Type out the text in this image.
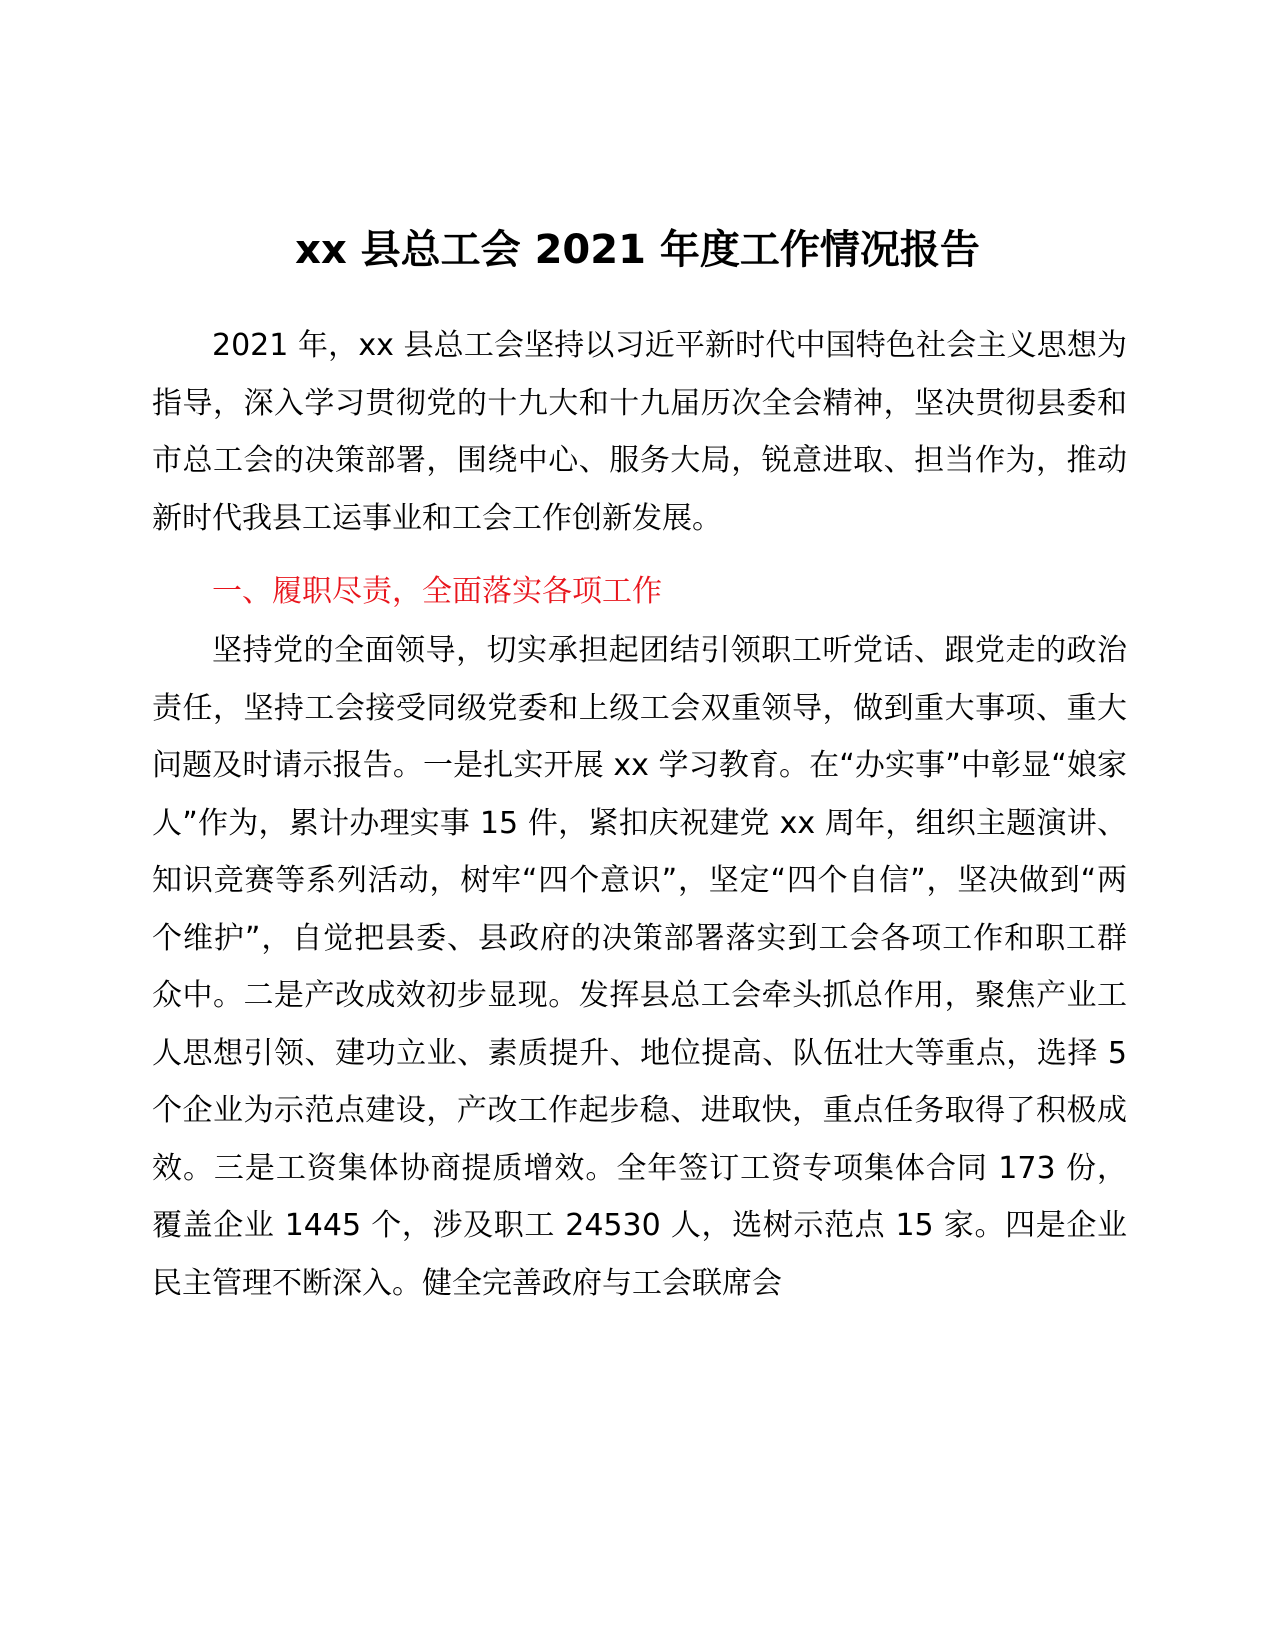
xx 县总工会 2021 年度工作情况报告

2021 年，xx 县总工会坚持以习近平新时代中国特色社会主义思想为指导，深入学习贯彻党的十九大和十九届历次全会精神，坚决贯彻县委和市总工会的决策部署，围绕中心、服务大局，锐意进取、担当作为，推动新时代我县工运事业和工会工作创新发展。

一、履职尽责，全面落实各项工作

坚持党的全面领导，切实承担起团结引领职工听党话、跟党走的政治责任，坚持工会接受同级党委和上级工会双重领导，做到重大事项、重大问题及时请示报告。一是扎实开展 xx 学习教育。在“办实事”中彰显“娘家人”作为，累计办理实事 15 件，紧扣庆祝建党 xx 周年，组织主题演讲、知识竞赛等系列活动，树牢“四个意识”，坚定“四个自信”，坚决做到“两个维护”，自觉把县委、县政府的决策部署落实到工会各项工作和职工群众中。二是产改成效初步显现。发挥县总工会牵头抓总作用，聚焦产业工人思想引领、建功立业、素质提升、地位提高、队伍壮大等重点，选择 5 个企业为示范点建设，产改工作起步稳、进取快，重点任务取得了积极成效。三是工资集体协商提质增效。全年签订工资专项集体合同 173 份，覆盖企业 1445 个，涉及职工 24530 人，选树示范点 15 家。四是企业民主管理不断深入。健全完善政府与工会联席会
